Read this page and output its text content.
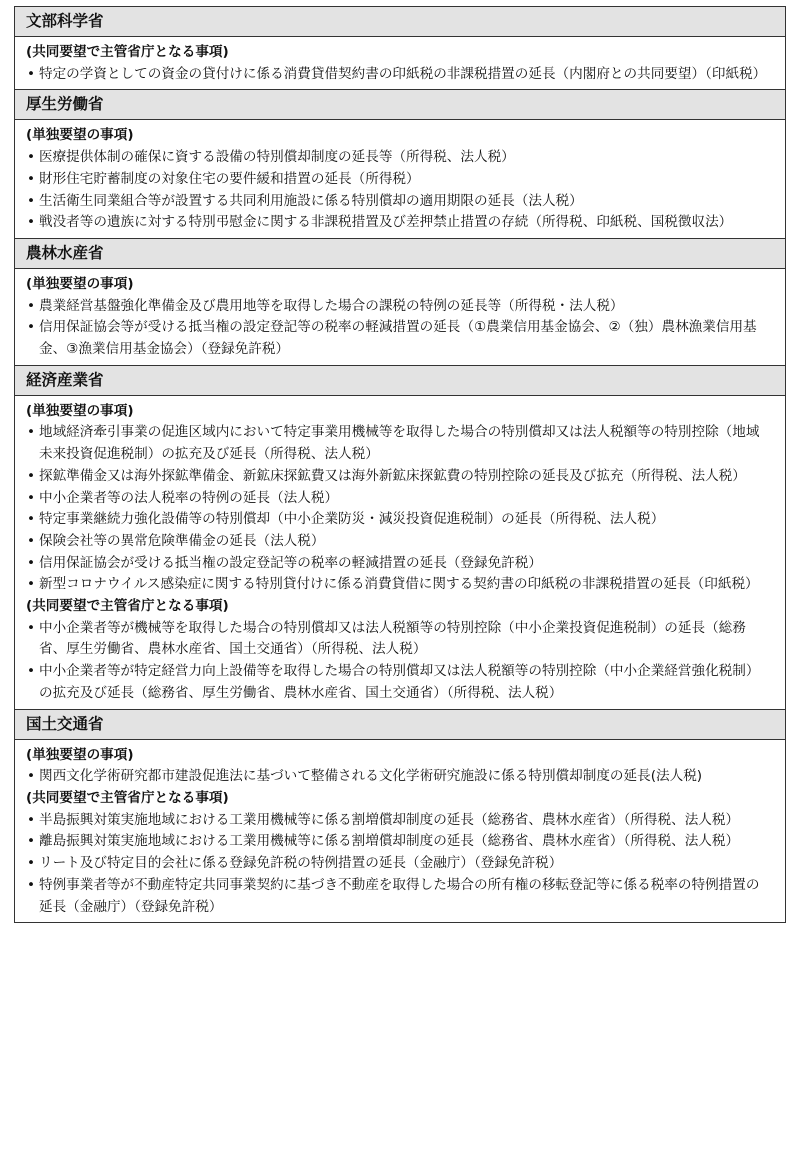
文部科学省
(共同要望で主管省庁となる事項)
• 特定の学資としての資金の貸付けに係る消費貸借契約書の印紙税の非課税措置の延長（内閣府との共同要望）（印紙税）
厚生労働省
(単独要望の事項)
• 医療提供体制の確保に資する設備の特別償却制度の延長等（所得税、法人税）
• 財形住宅貯蓄制度の対象住宅の要件緩和措置の延長（所得税）
• 生活衛生同業組合等が設置する共同利用施設に係る特別償却の適用期限の延長（法人税）
• 戦没者等の遺族に対する特別弔慰金に関する非課税措置及び差押禁止措置の存続（所得税、印紙税、国税徴収法）
農林水産省
(単独要望の事項)
• 農業経営基盤強化準備金及び農用地等を取得した場合の課税の特例の延長等（所得税・法人税）
• 信用保証協会等が受ける抵当権の設定登記等の税率の軽減措置の延長（①農業信用基金協会、②（独）農林漁業信用基金、③漁業信用基金協会）（登録免許税）
経済産業省
(単独要望の事項)
• 地域経済牽引事業の促進区域内において特定事業用機械等を取得した場合の特別償却又は法人税額等の特別控除（地域未来投資促進税制）の拡充及び延長（所得税、法人税）
• 探鉱準備金又は海外探鉱準備金、新鉱床探鉱費又は海外新鉱床探鉱費の特別控除の延長及び拡充（所得税、法人税）
• 中小企業者等の法人税率の特例の延長（法人税）
• 特定事業継続力強化設備等の特別償却（中小企業防災・減災投資促進税制）の延長（所得税、法人税）
• 保険会社等の異常危険準備金の延長（法人税）
• 信用保証協会が受ける抵当権の設定登記等の税率の軽減措置の延長（登録免許税）
• 新型コロナウイルス感染症に関する特別貸付けに係る消費貸借に関する契約書の印紙税の非課税措置の延長（印紙税）
(共同要望で主管省庁となる事項)
• 中小企業者等が機械等を取得した場合の特別償却又は法人税額等の特別控除（中小企業投資促進税制）の延長（総務省、厚生労働省、農林水産省、国土交通省）（所得税、法人税）
• 中小企業者等が特定経営力向上設備等を取得した場合の特別償却又は法人税額等の特別控除（中小企業経営強化税制）の拡充及び延長（総務省、厚生労働省、農林水産省、国土交通省）（所得税、法人税）
国土交通省
(単独要望の事項)
• 関西文化学術研究都市建設促進法に基づいて整備される文化学術研究施設に係る特別償却制度の延長(法人税)
(共同要望で主管省庁となる事項)
• 半島振興対策実施地域における工業用機械等に係る割増償却制度の延長（総務省、農林水産省）（所得税、法人税）
• 離島振興対策実施地域における工業用機械等に係る割増償却制度の延長（総務省、農林水産省）（所得税、法人税）
• リート及び特定目的会社に係る登録免許税の特例措置の延長（金融庁）（登録免許税）
• 特例事業者等が不動産特定共同事業契約に基づき不動産を取得した場合の所有権の移転登記等に係る税率の特例措置の延長（金融庁）（登録免許税）
